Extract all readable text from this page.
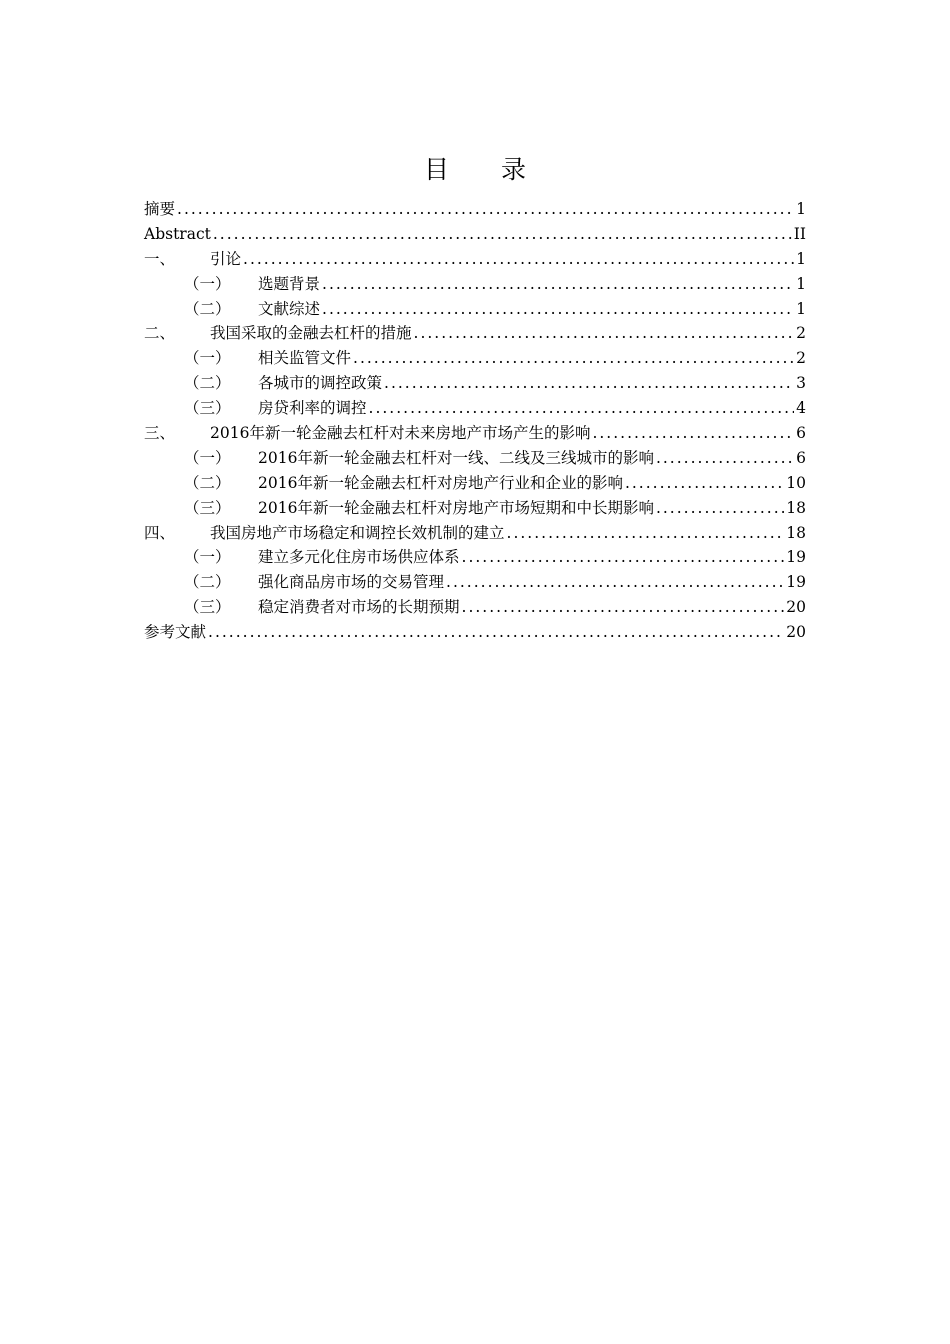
目 录
摘要 .....	1
Abstract .....	II
一、	引论 .....	1
（一）	选题背景 .....	1
（二）	文献综述 .....	1
二、	我国采取的金融去杠杆的措施 .....	2
（一）	相关监管文件 .....	2
（二）	各城市的调控政策 .....	3
（三）	房贷利率的调控 .....	4
三、	2016年新一轮金融去杠杆对未来房地产市场产生的影响 .....	6
（一）	2016年新一轮金融去杠杆对一线、二线及三线城市的影响 .....	6
（二）	2016年新一轮金融去杠杆对房地产行业和企业的影响 .....	10
（三）	2016年新一轮金融去杠杆对房地产市场短期和中长期影响 .....	18
四、	我国房地产市场稳定和调控长效机制的建立 .....	18
（一）	建立多元化住房市场供应体系 .....	19
（二）	强化商品房市场的交易管理 .....	19
（三）	稳定消费者对市场的长期预期 .....	20
参考文献 .....	20
